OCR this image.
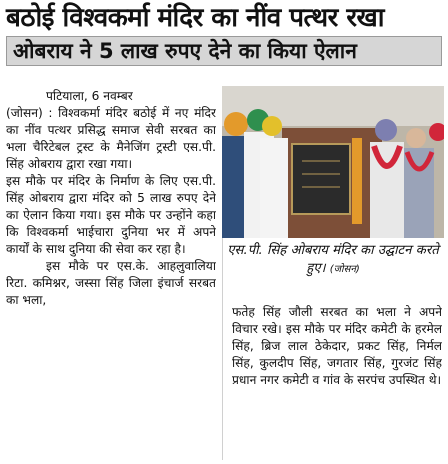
बठोई विश्वकर्मा मंदिर का नींव पत्थर रखा
ओबराय ने 5 लाख रुपए देने का किया ऐलान

पटियाला, 6 नवम्बर

(जोसन) : विश्वकर्मा मंदिर बठोई में नए मंदिर का नींव पत्थर प्रसिद्ध समाज सेवी सरबत का भला चैरिटेबल ट्रस्ट के मैनेजिंग ट्रस्टी एस.पी. सिंह ओबराय द्वारा रखा गया।

इस मौके पर मंदिर के निर्माण के लिए एस.पी. सिंह ओबराय द्वारा मंदिर को 5 लाख रुपए देने का ऐलान किया गया। इस मौके पर उन्होंने कहा कि विश्वकर्मा भाईचारा दुनिया भर में अपने कार्यों के साथ दुनिया की सेवा कर रहा है।

इस मौके पर एस.के. आहलुवालिया रिटा. कमिश्नर, जस्सा सिंह जिला इंचार्ज सरबत का भला,

एस.पी. सिंह ओबराय मंदिर का उद्घाटन करते हुए। (जोसन)

फतेह सिंह जौली सरबत का भला ने अपने विचार रखे। इस मौके पर मंदिर कमेटी के हरमेल सिंह, ब्रिज लाल ठेकेदार, प्रकट सिंह, निर्मल सिंह, कुलदीप सिंह, जगतार सिंह, गुरजंट सिंह प्रधान नगर कमेटी व गांव के सरपंच उपस्थित थे।
